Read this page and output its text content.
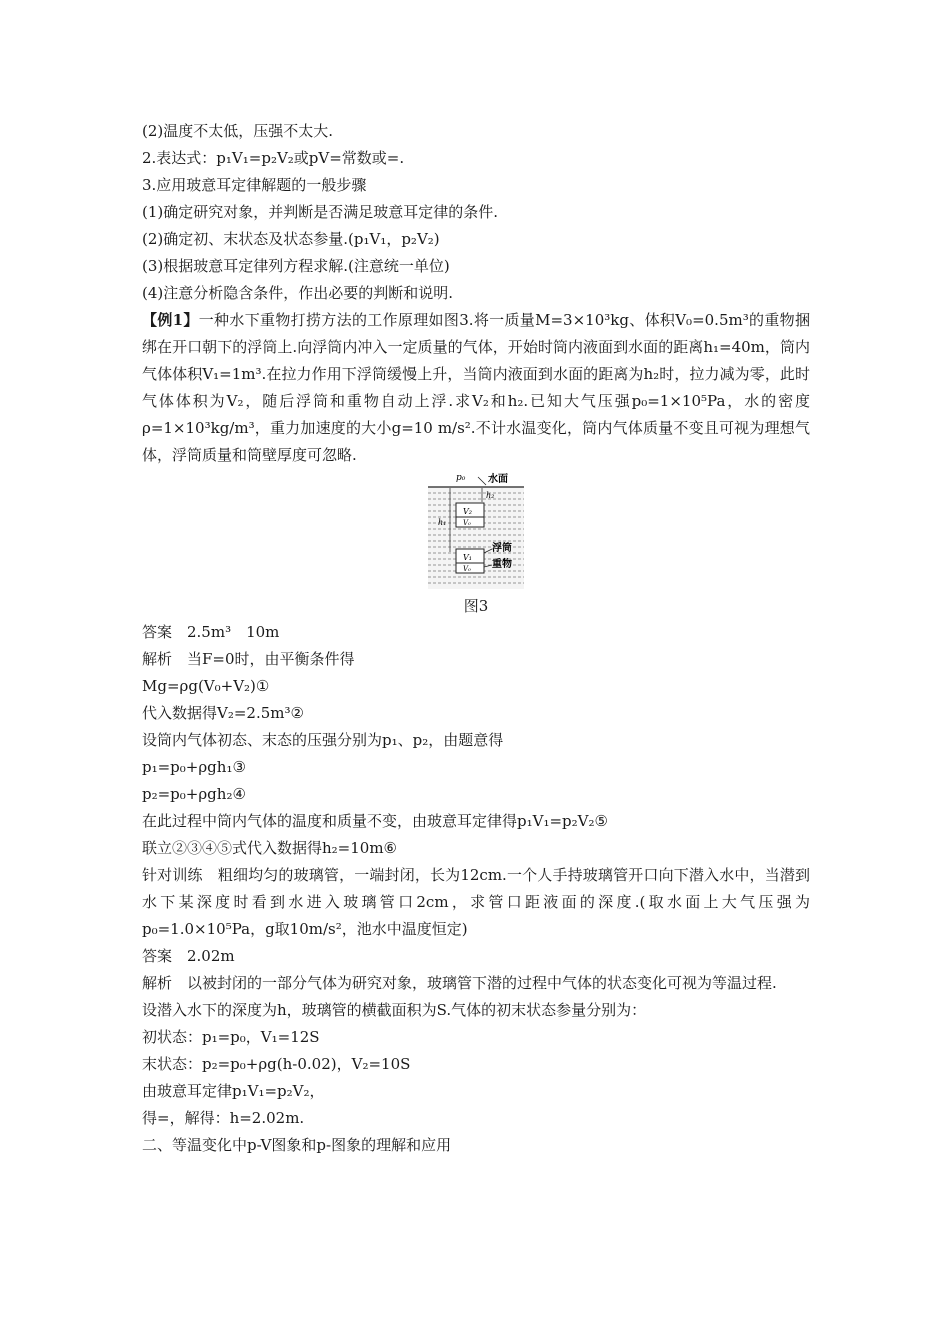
(2)温度不太低，压强不太大.

2.表达式：p₁V₁=p₂V₂或pV=常数或=.

3.应用玻意耳定律解题的一般步骤

(1)确定研究对象，并判断是否满足玻意耳定律的条件.

(2)确定初、末状态及状态参量.(p₁V₁，p₂V₂)

(3)根据玻意耳定律列方程求解.(注意统一单位)

(4)注意分析隐含条件，作出必要的判断和说明.

【例1】一种水下重物打捞方法的工作原理如图3.将一质量M=3×10³kg、体积V₀=0.5m³的重物捆绑在开口朝下的浮筒上.向浮筒内冲入一定质量的气体，开始时筒内液面到水面的距离h₁=40m，筒内气体体积V₁=1m³.在拉力作用下浮筒缓慢上升，当筒内液面到水面的距离为h₂时，拉力减为零，此时气体体积为V₂，随后浮筒和重物自动上浮.求V₂和h₂.已知大气压强p₀=1×10⁵Pa，水的密度ρ=1×10³kg/m³，重力加速度的大小g=10 m/s².不计水温变化，筒内气体质量不变且可视为理想气体，浮筒质量和筒壁厚度可忽略.

p₀ 水面
V₂
V₀
h₂
h₁
V₁
V₀
浮筒
重物

图3

答案　2.5m³　10m

解析　当F=0时，由平衡条件得

Mg=ρg(V₀+V₂)①

代入数据得V₂=2.5m³②

设筒内气体初态、末态的压强分别为p₁、p₂，由题意得

p₁=p₀+ρgh₁③

p₂=p₀+ρgh₂④

在此过程中筒内气体的温度和质量不变，由玻意耳定律得p₁V₁=p₂V₂⑤

联立②③④⑤式代入数据得h₂=10m⑥

针对训练　粗细均匀的玻璃管，一端封闭，长为12cm.一个人手持玻璃管开口向下潜入水中，当潜到水下某深度时看到水进入玻璃管口2cm，求管口距液面的深度.(取水面上大气压强为p₀=1.0×10⁵Pa，g取10m/s²，池水中温度恒定)

答案　2.02m

解析　以被封闭的一部分气体为研究对象，玻璃管下潜的过程中气体的状态变化可视为等温过程.

设潜入水下的深度为h，玻璃管的横截面积为S.气体的初末状态参量分别为：

初状态：p₁=p₀，V₁=12S

末状态：p₂=p₀+ρg(h-0.02)，V₂=10S

由玻意耳定律p₁V₁=p₂V₂，

得=，解得：h=2.02m.

二、等温变化中p-V图象和p-图象的理解和应用
